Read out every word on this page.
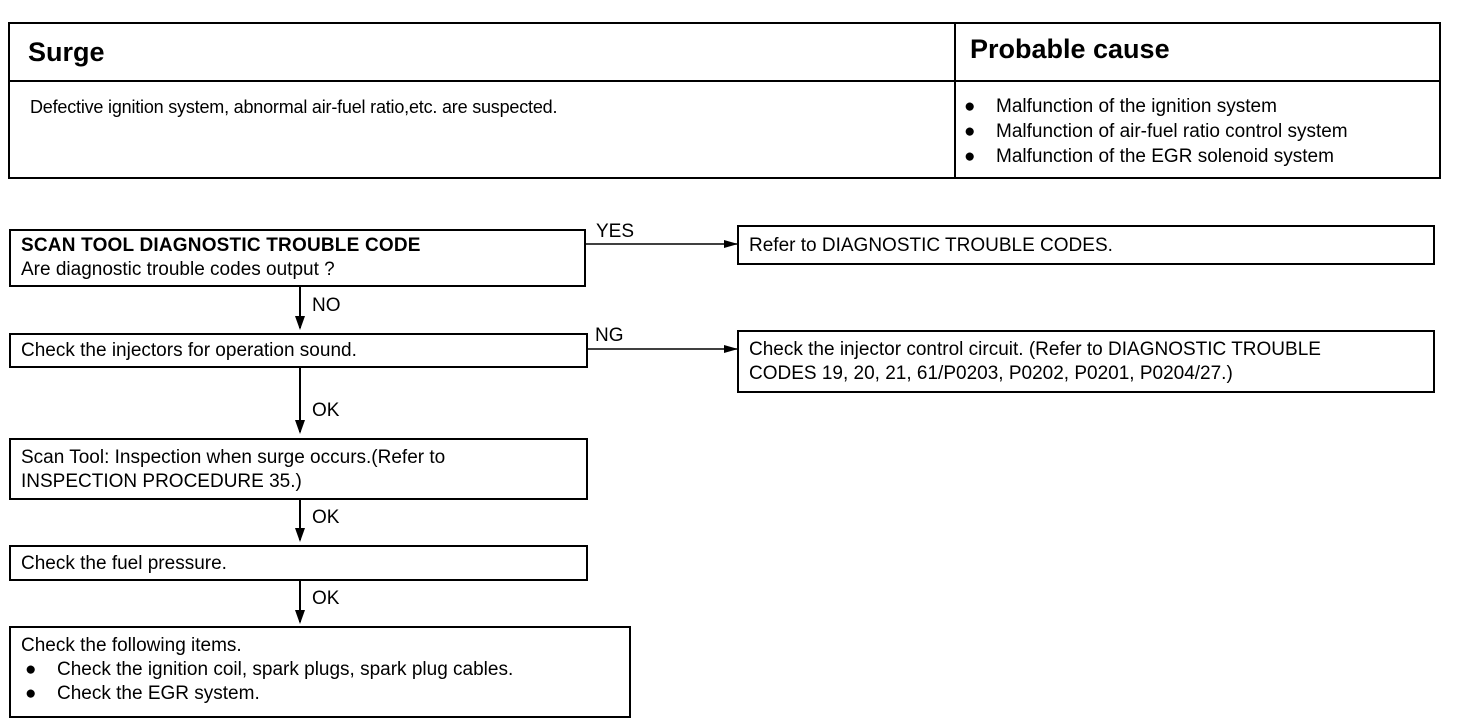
Surge	Probable cause
Defective ignition system, abnormal air-fuel ratio,etc. are suspected.	● Malfunction of the ignition system
● Malfunction of air-fuel ratio control system
● Malfunction of the EGR solenoid system
SCAN TOOL DIAGNOSTIC TROUBLE CODE
Are diagnostic trouble codes output ?
YES
Refer to DIAGNOSTIC TROUBLE CODES.
NO
Check the injectors for operation sound.
NG
Check the injector control circuit. (Refer to DIAGNOSTIC TROUBLE
CODES 19, 20, 21, 61/P0203, P0202, P0201, P0204/27.)
OK
Scan Tool: Inspection when surge occurs.(Refer to
INSPECTION PROCEDURE 35.)
OK
Check the fuel pressure.
OK
Check the following items.
● Check the ignition coil, spark plugs, spark plug cables.
● Check the EGR system.
